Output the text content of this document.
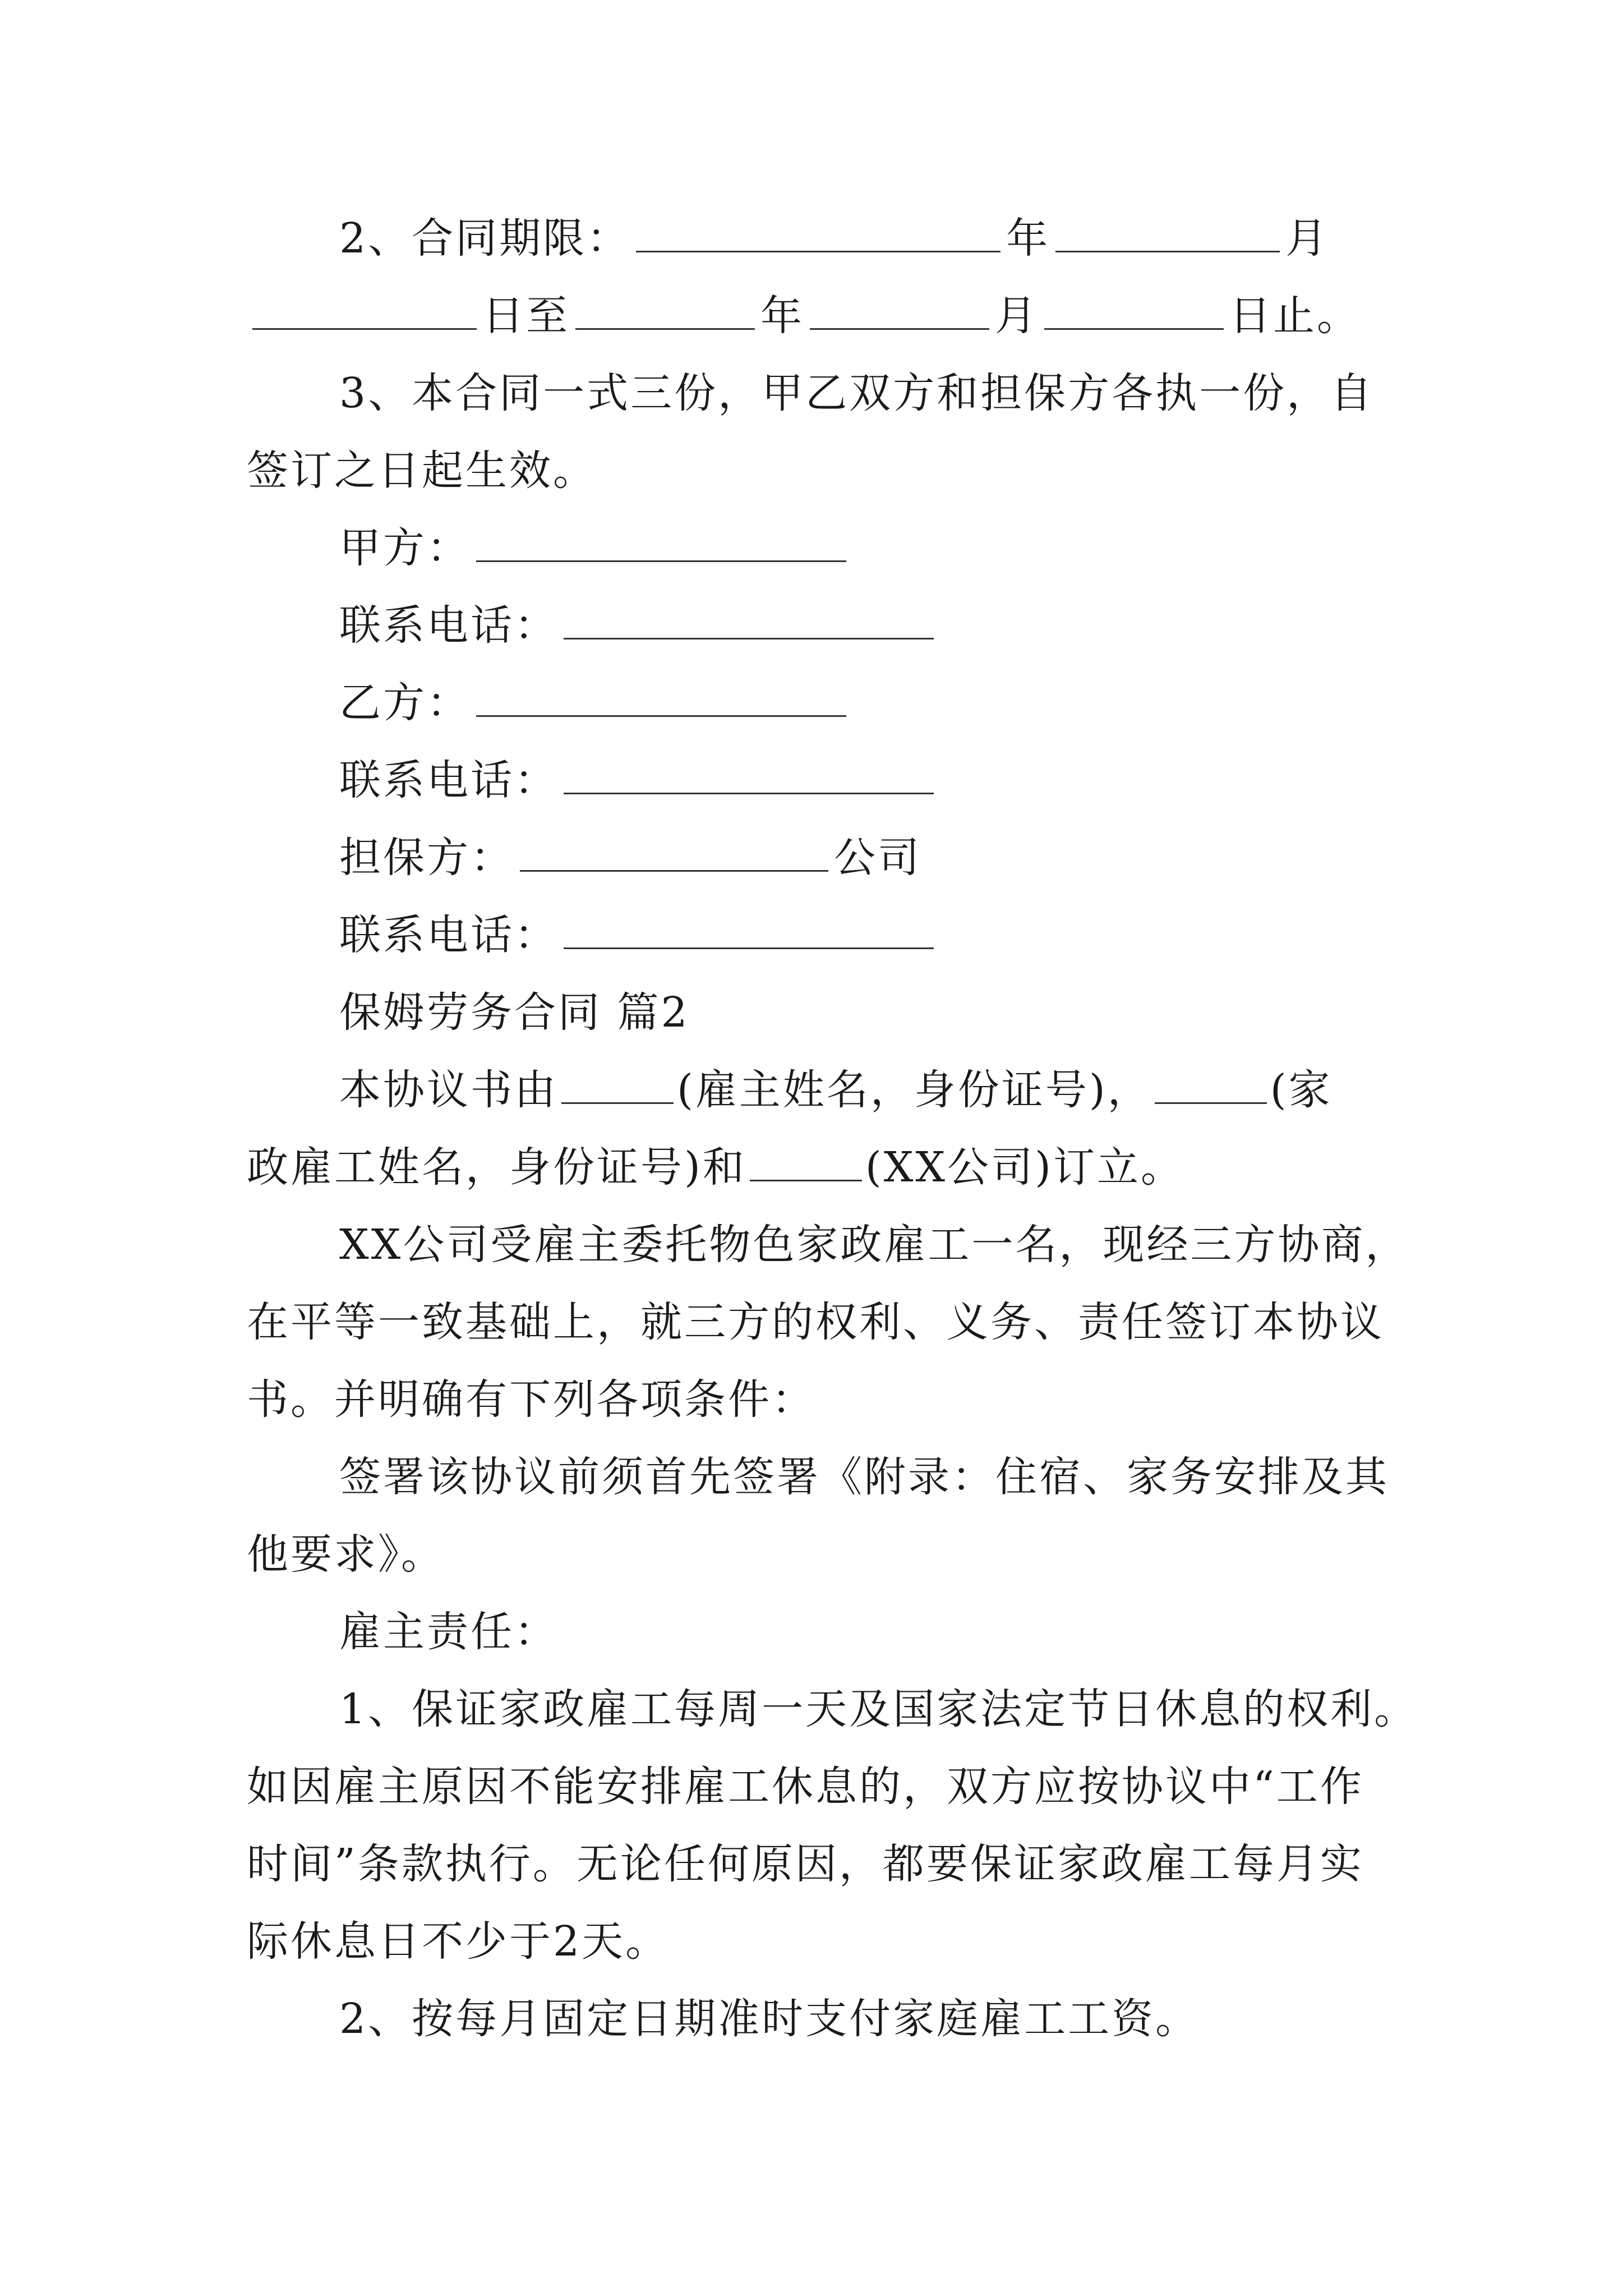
2、合同期限：	年	月
日至	年	月	日止。
3、本合同一式三份，甲乙双方和担保方各执一份，自
签订之日起生效。
甲方：
联系电话：
乙方：
联系电话：
担保方：	公司
联系电话：
保姆劳务合同 篇2
本协议书由	(雇主姓名，身份证号)，	(家
政雇工姓名，身份证号)和	(XX公司)订立。
XX公司受雇主委托物色家政雇工一名，现经三方协商，
在平等一致基础上，就三方的权利、义务、责任签订本协议
书。并明确有下列各项条件：
签署该协议前须首先签署《附录：住宿、家务安排及其
他要求》。
雇主责任：
1、保证家政雇工每周一天及国家法定节日休息的权利。
如因雇主原因不能安排雇工休息的，双方应按协议中“工作
时间”条款执行。无论任何原因，都要保证家政雇工每月实
际休息日不少于2天。
2、按每月固定日期准时支付家庭雇工工资。
